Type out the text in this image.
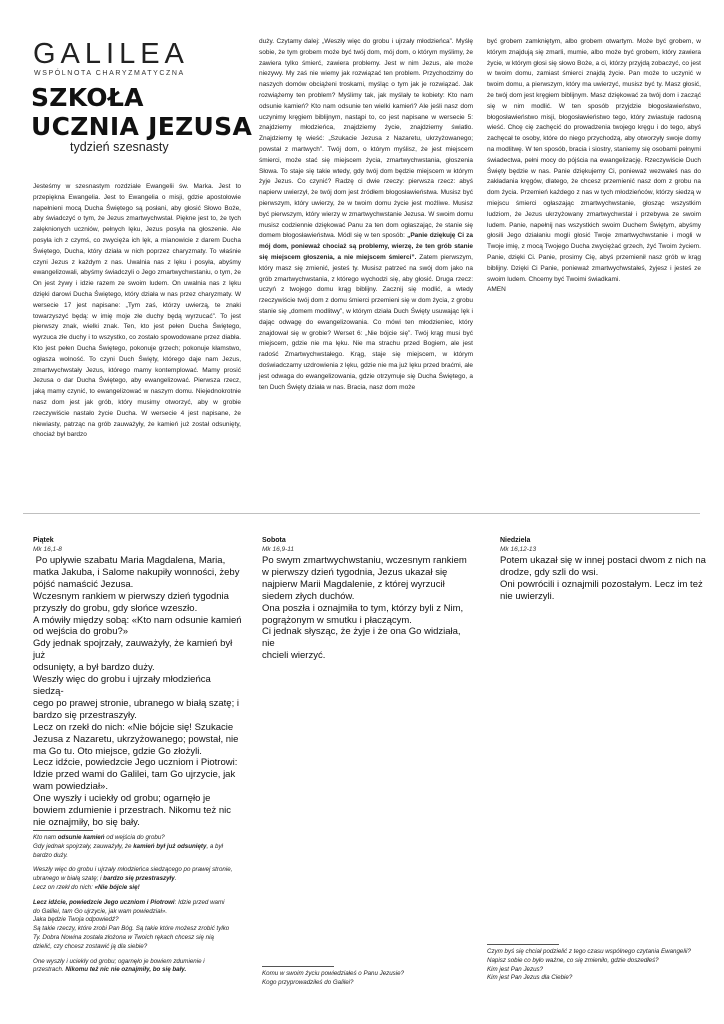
GALILEA
WSPÓLNOTA CHARYZMATYCZNA
SZKOŁA
UCZNIA JEZUSA
tydzień szesnasty

Jesteśmy w szesnastym rozdziale Ewangelii św. Marka. Jest to przepiękna Ewangelia. Jest to Ewangelia o misji, gdzie apostołowie napełnieni mocą Ducha Świętego są posłani, aby głosić Słowo Boże, aby świadczyć o tym, że Jezus zmartwychwstał. Piękne jest to, że tych zalęknionych uczniów, pełnych lęku, Jezus posyła na głoszenie. Ale posyła ich z czymś, co zwycięża ich lęk, a mianowicie z darem Ducha Świętego, Ducha, który działa w nich poprzez charyzmaty. To właśnie czyni Jezus z każdym z nas. Uwalnia nas z lęku i posyła, abyśmy ewangelizowali, abyśmy świadczyli o Jego zmartwychwstaniu, o tym, że On jest żywy i idzie razem ze swoim ludem. On uwalnia nas z lęku dzięki darowi Ducha Świętego, który działa w nas przez charyzmaty. W wersecie 17 jest napisane: „Tym zaś, którzy uwierzą, te znaki towarzyszyć będą: w imię moje złe duchy będą wyrzucać”. To jest pierwszy znak, wielki znak. Ten, kto jest pełen Ducha Świętego, wyrzuca złe duchy i to wszystko, co zostało spowodowane przez diabła. Kto jest pełen Ducha Świętego, pokonuje grzech; pokonuje kłamstwo, ogłasza wolność. To czyni Duch Święty, którego daje nam Jezus, zmartwychwstały Jezus, którego mamy kontemplować. Mamy prosić Jezusa o dar Ducha Świętego, aby ewangelizować. Pierwsza rzecz, jaką mamy czynić, to ewangelizować w naszym domu. Niejednokrotnie nasz dom jest jak grób, który musimy otworzyć, aby w grobie rzeczywiście nastało życie Ducha. W wersecie 4 jest napisane, że niewiasty, patrząc na grób zauważyły, że kamień już został odsunięty, chociaż był bardzo

duży. Czytamy dalej: „Weszły więc do grobu i ujrzały młodzieńca”. Myślę sobie, że tym grobem może być twój dom, mój dom, o którym myślimy, że zawiera tylko śmierć, zawiera problemy. Jest w nim Jezus, ale może niezywy. My zaś nie wiemy jak rozwiązać ten problem. Przychodzimy do naszych domów obciążeni troskami, myśląc o tym jak je rozwiązać. Jak rozwiążemy ten problem? Myślimy tak, jak myślały te kobiety: Kto nam odsunie kamień? Kto nam odsunie ten wielki kamień? Ale jeśli nasz dom uczynimy kręgiem biblijnym, nastąpi to, co jest napisane w wersecie 5: znajdziemy młodzieńca, znajdziemy życie, znajdziemy światło. Znajdziemy tę wieść: „Szukacie Jezusa z Nazaretu, ukrzyżowanego; powstał z martwych”. Twój dom, o którym myślisz, że jest miejscem śmierci, może stać się miejscem życia, zmartwychwstania, głoszenia Słowa. To staje się takie wtedy, gdy twój dom będzie miejscem w którym żyje Jezus. Co czynić? Radzę ci dwie rzeczy: pierwsza rzecz: abyś napierw uwierzył, że twój dom jest źródłem błogosławieństwa. Musisz być pierwszym, który uwierzy, że w twoim domu życie jest możliwe. Musisz być pierwszym, który wierzy w zmartwychwstanie Jezusa. W swoim domu musisz codziennie dziękować Panu za ten dom ogłaszając, że stanie się domem błogosławieństwa. Módl się w ten sposób: „Panie dziękuję Ci za mój dom, ponieważ chociaż są problemy, wierzę, że ten grób stanie się miejscem głoszenia, a nie miejscem śmierci”. Zatem pierwszym, który masz się zmienić, jesteś ty. Musisz patrzeć na swój dom jako na grób zmartwychwstania, z którego wychodzi się, aby głosić. Druga rzecz: uczyń z twojego domu krąg biblijny. Zacznij się modlić, a wtedy rzeczywiście twój dom z domu śmierci przemieni się w dom życia, z grobu stanie się „domem modlitwy”, w którym działa Duch Święty usuwając lęk i dając odwagę do ewangelizowania. Co mówi ten młodzieniec, który znajdował się w grobie? Werset 6: „Nie bójcie się”. Twój krąg musi być miejscem, gdzie nie ma lęku. Nie ma strachu przed Bogiem, ale jest radość Zmartwychwstałego. Krąg, staje się miejscem, w którym doświadczamy uzdrowienia z lęku, gdzie nie ma już lęku przed braćmi, ale jest odwaga do ewangelizowania, gdzie otrzymuje się Ducha Świętego, a ten Duch Święty działa w nas. Bracia, nasz dom może

być grobem zamkniętym, albo grobem otwartym. Może być grobem, w którym znajdują się zmarli, mumie, albo może być grobem, który zawiera życie, w którym głosi się słowo Boże, a ci, którzy przyjdą zobaczyć, co jest w twoim domu, zamiast śmierci znajdą życie. Pan może to uczynić w twoim domu, a pierwszym, który ma uwierzyć, musisz być ty. Masz głosić, że twój dom jest kręgiem biblijnym. Masz dziękować za twój dom i zacząć się w nim modlić. W ten sposób przyjdzie błogosławieństwo, błogosławieństwo misji, błogosławieństwo tego, który zwiastuje radosną wieść. Chcę cię zachęcić do prowadzenia twojego kręgu i do tego, abyś zachęcał te osoby, które do niego przychodzą, aby otworzyły swoje domy na modlitwę. W ten sposób, bracia i siostry, staniemy się osobami pełnymi świadectwa, pełni mocy do pójścia na ewangelizację. Rzeczywiście Duch Święty będzie w nas. Panie dziękujemy Ci, ponieważ wezwałeś nas do zakładania kręgów, dlatego, że chcesz przemienić nasz dom z grobu na dom życia. Przemień każdego z nas w tych młodzieńców, którzy siedzą w miejscu śmierci ogłaszając zmartwychwstanie, głosząc wszystkim ludziom, że Jezus ukrzyżowany zmartwychwstał i przebywa ze swoim ludem. Panie, napełnij nas wszystkich swoim Duchem Świętym, abyśmy głosili Jego działaniu mogli głosić Twoje zmartwychwstanie i mogli w Twoje imię, z mocą Twojego Ducha zwyciężać grzech, żyć Twoim życiem. Panie, dzięki Ci. Panie, prosimy Cię, abyś przemienił nasz grób w krąg biblijny. Dzięki Ci Panie, ponieważ zmartwychwstałeś, żyjesz i jesteś ze swoim ludem. Chcemy być Twoimi świadkami.

AMEN

Piątek
Mk 16,1-8

Po upływie szabatu Maria Magdalena, Maria,

matka Jakuba, i Salome nakupiły wonności, żeby

pójść namaścić Jezusa.

Wczesnym rankiem w pierwszy dzień tygodnia

przyszły do grobu, gdy słońce wzeszło.

A mówiły między sobą: «Kto nam odsunie kamień

od wejścia do grobu?»

Gdy jednak spojrzały, zauważyły, że kamień był już

odsunięty, a był bardzo duży.

Weszły więc do grobu i ujrzały młodzieńca siedzą-

cego po prawej stronie, ubranego w białą szatę; i

bardzo się przestraszyły.

Lecz on rzekł do nich: «Nie bójcie się! Szukacie

Jezusa z Nazaretu, ukrzyżowanego; powstał, nie

ma Go tu. Oto miejsce, gdzie Go złożyli.

Lecz idźcie, powiedzcie Jego uczniom i Piotrowi:

Idzie przed wami do Galilei, tam Go ujrzycie, jak

wam powiedział».

One wyszły i uciekły od grobu; ogarnęło je

bowiem zdumienie i przestrach. Nikomu też nic

nie oznajmiły, bo się bały.

Sobota
Mk 16,9-11

Po swym zmartwychwstaniu, wczesnym rankiem

w pierwszy dzień tygodnia, Jezus ukazał się

najpierw Marii Magdalenie, z której wyrzucił

siedem złych duchów.

Ona poszła i oznajmiła to tym, którzy byli z Nim,

pogrążonym w smutku i płaczącym.

Ci jednak słysząc, że żyje i że ona Go widziała, nie

chcieli wierzyć.

Niedziela
Mk 16,12-13

Potem ukazał się w innej postaci dwom z nich na

drodze, gdy szli do wsi.

Oni powrócili i oznajmili pozostałym. Lecz im też

nie uwierzyli.

Kto nam odsunie kamień od wejścia do grobu?
Gdy jednak spojrzały, zauważyły, że kamień był już odsunięty, a był bardzo duży.

Weszły więc do grobu i ujrzały młodzieńca siedzącego po prawej stronie, ubranego w białą szatę; i bardzo się przestraszyły.
Lecz on rzekł do nich: «Nie bójcie się!

Lecz idźcie, powiedzcie Jego uczniom i Piotrowi: Idzie przed wami do Galilei, tam Go ujrzycie, jak wam powiedział».
Jaka będzie Twoja odpowiedź?
Są takie rzeczy, które zrobi Pan Bóg. Są takie które możesz zrobić tylko Ty. Dobra Nowina została złożona w Twoich rękach chcesz się nią dzielić, czy chcesz zostawić ją dla siebie?

One wyszły i uciekły od grobu; ogarnęło je bowiem zdumienie i przestrach. Nikomu też nic nie oznajmiły, bo się bały.

Komu w swoim życiu powiedziałeś o Panu Jezusie?
Kogo przyprowadziłeś do Galilei?
Czym byś się chciał podzielić z tego czasu wspólnego czytania Ewangelii?
Napisz sobie co było ważne, co się zmieniło, gdzie doszedłeś?
Kim jest Pan Jezus?
Kim jest Pan Jezus dla Ciebie?
